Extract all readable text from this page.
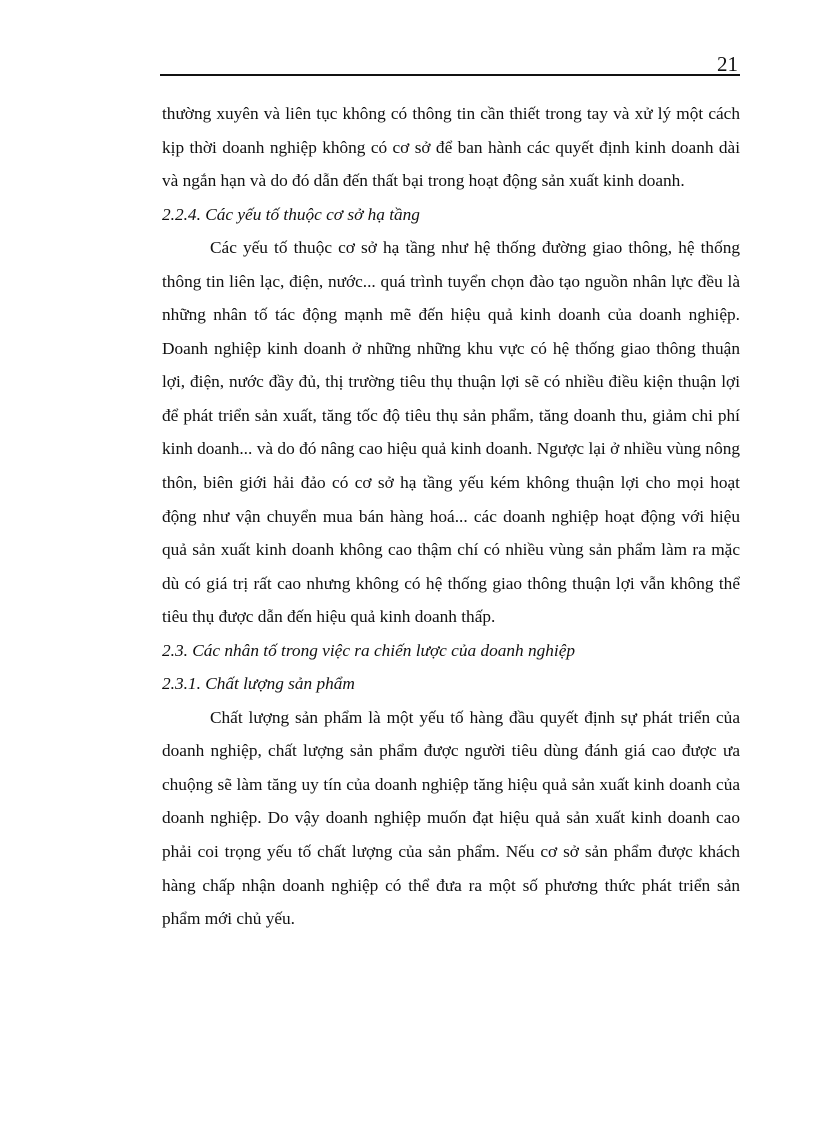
21

thường xuyên và liên tục không có thông tin cần thiết trong tay và xử lý một cách kịp thời doanh nghiệp không có cơ sở để ban hành các quyết định kinh doanh dài và ngắn hạn và do đó dẫn đến thất bại trong hoạt động sản xuất kinh doanh.

2.2.4. Các yếu tố thuộc cơ sở hạ tầng

Các yếu tố thuộc cơ sở hạ tầng như hệ thống đường giao thông, hệ thống thông tin liên lạc, điện, nước... quá trình tuyển chọn đào tạo nguồn nhân lực đều là những nhân tố tác động mạnh mẽ đến hiệu quả kinh doanh của doanh nghiệp. Doanh nghiệp kinh doanh ở những những khu vực có hệ thống giao thông thuận lợi, điện, nước đầy đủ, thị trường tiêu thụ thuận lợi sẽ có nhiều điều kiện thuận lợi để phát triển sản xuất, tăng tốc độ tiêu thụ sản phẩm, tăng doanh thu, giảm chi phí kinh doanh... và do đó nâng cao hiệu quả kinh doanh. Ngược lại ở nhiều vùng nông thôn, biên giới hải đảo có cơ sở hạ tầng yếu kém không thuận lợi cho mọi hoạt động như vận chuyển mua bán hàng hoá... các doanh nghiệp hoạt động với hiệu quả sản xuất kinh doanh không cao thậm chí có nhiều vùng sản phẩm làm ra mặc dù có giá trị rất cao nhưng không có hệ thống giao thông thuận lợi vẫn không thể tiêu thụ được dẫn đến hiệu quả kinh doanh thấp.

2.3. Các nhân tố trong việc ra chiến lược của doanh nghiệp
2.3.1. Chất lượng sản phẩm

Chất lượng sản phẩm là một yếu tố hàng đầu quyết định sự phát triển của doanh nghiệp, chất lượng sản phẩm được người tiêu dùng đánh giá cao được ưa chuộng sẽ làm tăng uy tín của doanh nghiệp tăng hiệu quả sản xuất kinh doanh của doanh nghiệp. Do vậy doanh nghiệp muốn đạt hiệu quả sản xuất kinh doanh cao phải coi trọng yếu tố chất lượng của sản phẩm. Nếu cơ sở sản phẩm được khách hàng chấp nhận doanh nghiệp có thể đưa ra một số phương thức phát triển sản phẩm mới chủ yếu.
